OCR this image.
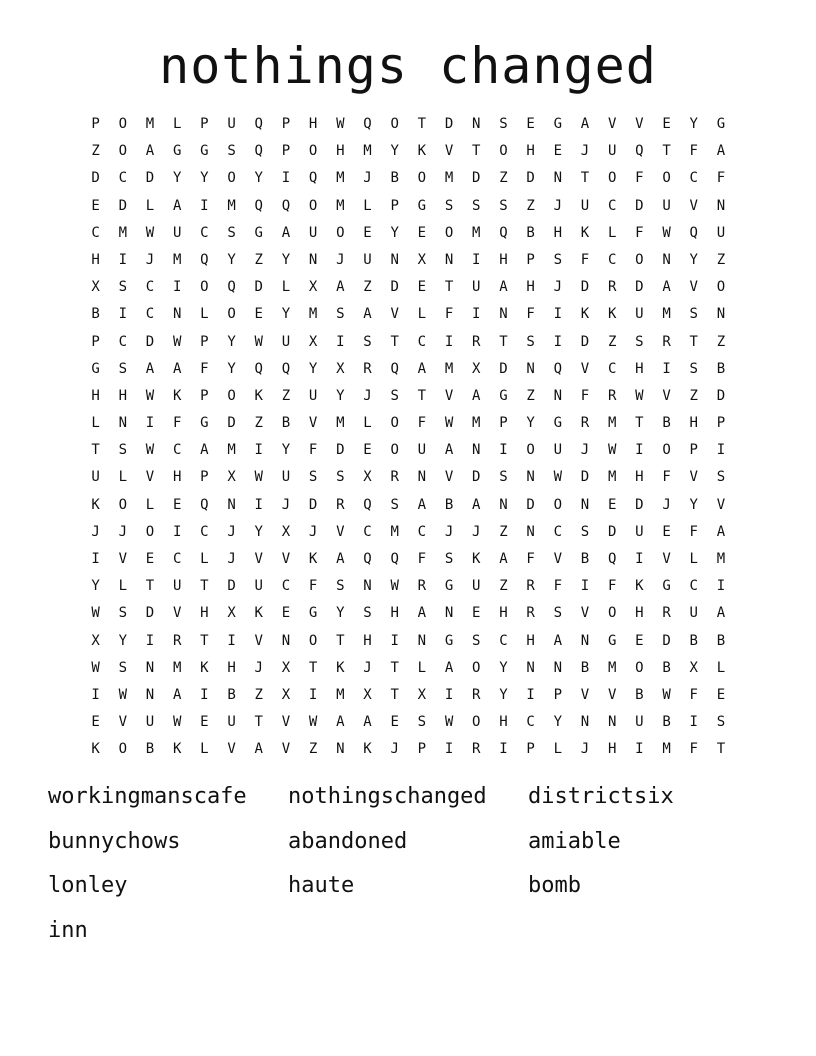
nothings changed
P	O	M	L	P	U	Q	P	H	W	Q	O	T	D	N	S	E	G	A	V	V	E	Y	G
Z	O	A	G	G	S	Q	P	O	H	M	Y	K	V	T	O	H	E	J	U	Q	T	F	A
D	C	D	Y	Y	O	Y	I	Q	M	J	B	O	M	D	Z	D	N	T	O	F	O	C	F
E	D	L	A	I	M	Q	Q	O	M	L	P	G	S	S	S	Z	J	U	C	D	U	V	N
C	M	W	U	C	S	G	A	U	O	E	Y	E	O	M	Q	B	H	K	L	F	W	Q	U
H	I	J	M	Q	Y	Z	Y	N	J	U	N	X	N	I	H	P	S	F	C	O	N	Y	Z
X	S	C	I	O	Q	D	L	X	A	Z	D	E	T	U	A	H	J	D	R	D	A	V	O
B	I	C	N	L	O	E	Y	M	S	A	V	L	F	I	N	F	I	K	K	U	M	S	N
P	C	D	W	P	Y	W	U	X	I	S	T	C	I	R	T	S	I	D	Z	S	R	T	Z
G	S	A	A	F	Y	Q	Q	Y	X	R	Q	A	M	X	D	N	Q	V	C	H	I	S	B
H	H	W	K	P	O	K	Z	U	Y	J	S	T	V	A	G	Z	N	F	R	W	V	Z	D
L	N	I	F	G	D	Z	B	V	M	L	O	F	W	M	P	Y	G	R	M	T	B	H	P
T	S	W	C	A	M	I	Y	F	D	E	O	U	A	N	I	O	U	J	W	I	O	P	I
U	L	V	H	P	X	W	U	S	S	X	R	N	V	D	S	N	W	D	M	H	F	V	S
K	O	L	E	Q	N	I	J	D	R	Q	S	A	B	A	N	D	O	N	E	D	J	Y	V
J	J	O	I	C	J	Y	X	J	V	C	M	C	J	J	Z	N	C	S	D	U	E	F	A
I	V	E	C	L	J	V	V	K	A	Q	Q	F	S	K	A	F	V	B	Q	I	V	L	M
Y	L	T	U	T	D	U	C	F	S	N	W	R	G	U	Z	R	F	I	F	K	G	C	I
W	S	D	V	H	X	K	E	G	Y	S	H	A	N	E	H	R	S	V	O	H	R	U	A
X	Y	I	R	T	I	V	N	O	T	H	I	N	G	S	C	H	A	N	G	E	D	B	B
W	S	N	M	K	H	J	X	T	K	J	T	L	A	O	Y	N	N	B	M	O	B	X	L
I	W	N	A	I	B	Z	X	I	M	X	T	X	I	R	Y	I	P	V	V	B	W	F	E
E	V	U	W	E	U	T	V	W	A	A	E	S	W	O	H	C	Y	N	N	U	B	I	S
K	O	B	K	L	V	A	V	Z	N	K	J	P	I	R	I	P	L	J	H	I	M	F	T
workingmanscafe	nothingschanged	districtsix
bunnychows	abandoned	amiable
lonley	haute	bomb
inn
